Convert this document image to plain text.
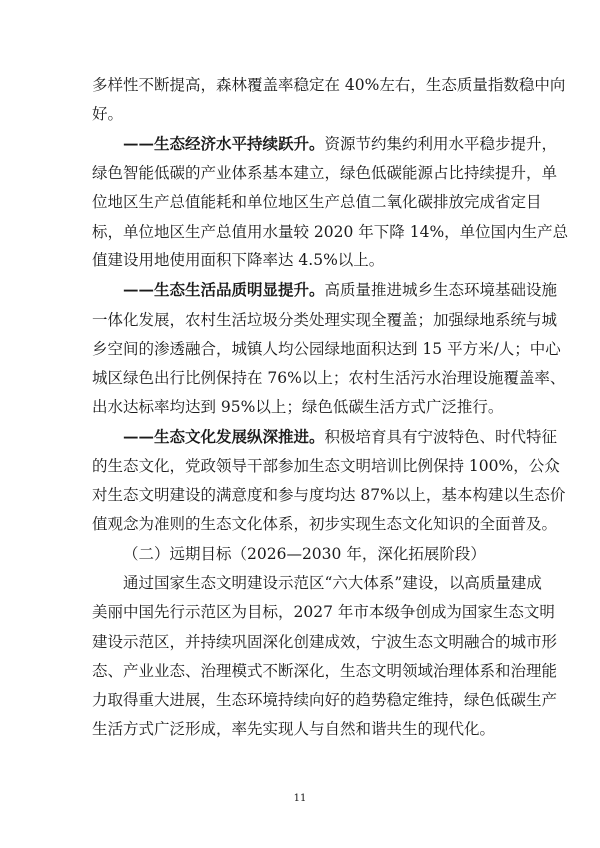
多样性不断提高，森林覆盖率稳定在 40%左右，生态质量指数稳中向
好。
——生态经济水平持续跃升。资源节约集约利用水平稳步提升，
绿色智能低碳的产业体系基本建立，绿色低碳能源占比持续提升，单
位地区生产总值能耗和单位地区生产总值二氧化碳排放完成省定目
标，单位地区生产总值用水量较 2020 年下降 14%，单位国内生产总
值建设用地使用面积下降率达 4.5%以上。
——生态生活品质明显提升。高质量推进城乡生态环境基础设施
一体化发展，农村生活垃圾分类处理实现全覆盖；加强绿地系统与城
乡空间的渗透融合，城镇人均公园绿地面积达到 15 平方米/人；中心
城区绿色出行比例保持在 76%以上；农村生活污水治理设施覆盖率、
出水达标率均达到 95%以上；绿色低碳生活方式广泛推行。
——生态文化发展纵深推进。积极培育具有宁波特色、时代特征
的生态文化，党政领导干部参加生态文明培训比例保持 100%，公众
对生态文明建设的满意度和参与度均达 87%以上，基本构建以生态价
值观念为准则的生态文化体系，初步实现生态文化知识的全面普及。
（二）远期目标（2026—2030 年，深化拓展阶段）
通过国家生态文明建设示范区“六大体系”建设，以高质量建成
美丽中国先行示范区为目标，2027 年市本级争创成为国家生态文明
建设示范区，并持续巩固深化创建成效，宁波生态文明融合的城市形
态、产业业态、治理模式不断深化，生态文明领域治理体系和治理能
力取得重大进展，生态环境持续向好的趋势稳定维持，绿色低碳生产
生活方式广泛形成，率先实现人与自然和谐共生的现代化。
11
